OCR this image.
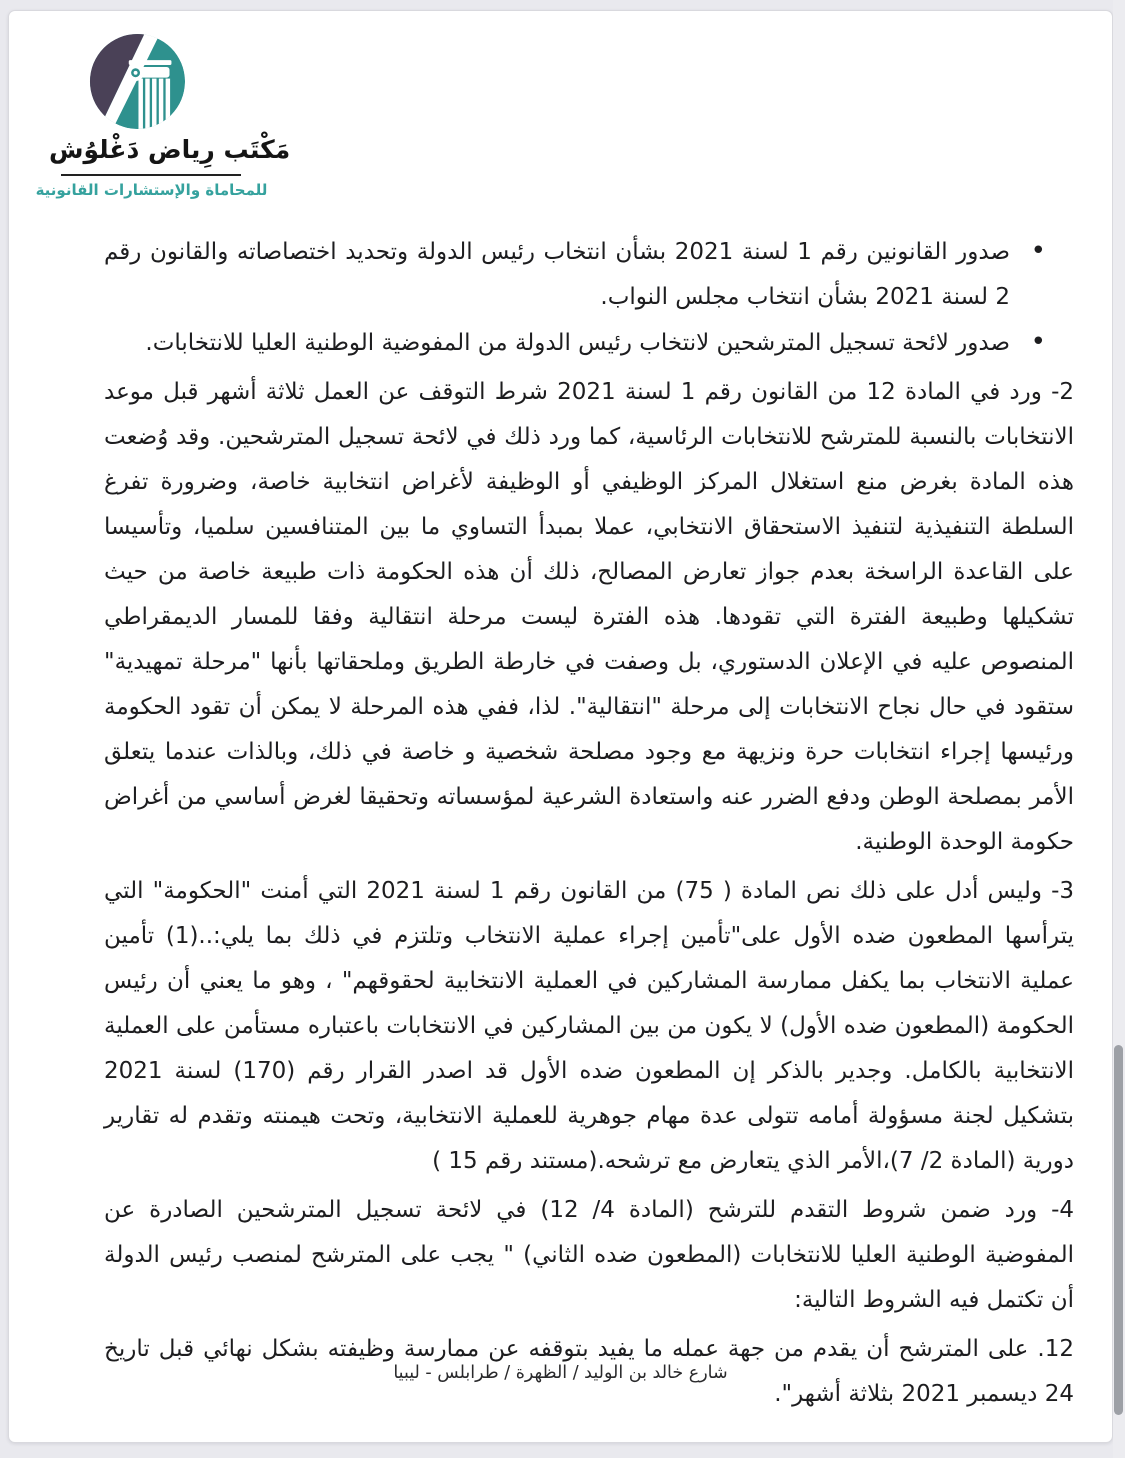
مَكْتَب رِياض دَغْلوُش
للمحاماة والإستشارات القانونية
• صدور القانونين رقم 1 لسنة 2021 بشأن انتخاب رئيس الدولة وتحديد اختصاصاته والقانون رقم 2 لسنة 2021 بشأن انتخاب مجلس النواب.
• صدور لائحة تسجيل المترشحين لانتخاب رئيس الدولة من المفوضية الوطنية العليا للانتخابات.

2- ورد في المادة 12 من القانون رقم 1 لسنة 2021 شرط التوقف عن العمل ثلاثة أشهر قبل موعد الانتخابات بالنسبة للمترشح للانتخابات الرئاسية، كما ورد ذلك في لائحة تسجيل المترشحين. وقد وُضعت هذه المادة بغرض منع استغلال المركز الوظيفي أو الوظيفة لأغراض انتخابية خاصة، وضرورة تفرغ السلطة التنفيذية لتنفيذ الاستحقاق الانتخابي، عملا بمبدأ التساوي ما بين المتنافسين سلميا، وتأسيسا على القاعدة الراسخة بعدم جواز تعارض المصالح، ذلك أن هذه الحكومة ذات طبيعة خاصة من حيث تشكيلها وطبيعة الفترة التي تقودها. هذه الفترة ليست مرحلة انتقالية وفقا للمسار الديمقراطي المنصوص عليه في الإعلان الدستوري، بل وصفت في خارطة الطريق وملحقاتها بأنها "مرحلة تمهيدية" ستقود في حال نجاح الانتخابات إلى مرحلة "انتقالية". لذا، ففي هذه المرحلة لا يمكن أن تقود الحكومة ورئيسها إجراء انتخابات حرة ونزيهة مع وجود مصلحة شخصية و خاصة في ذلك، وبالذات عندما يتعلق الأمر بمصلحة الوطن ودفع الضرر عنه واستعادة الشرعية لمؤسساته وتحقيقا لغرض أساسي من أغراض حكومة الوحدة الوطنية.

3- وليس أدل على ذلك نص المادة ( 75) من القانون رقم 1 لسنة 2021 التي أمنت "الحكومة" التي يترأسها المطعون ضده الأول على"تأمين إجراء عملية الانتخاب وتلتزم في ذلك بما يلي:..(1) تأمين عملية الانتخاب بما يكفل ممارسة المشاركين في العملية الانتخابية لحقوقهم" ، وهو ما يعني أن رئيس الحكومة (المطعون ضده الأول) لا يكون من بين المشاركين في الانتخابات باعتباره مستأمن على العملية الانتخابية بالكامل. وجدير بالذكر إن المطعون ضده الأول قد اصدر القرار رقم (170) لسنة 2021 بتشكيل لجنة مسؤولة أمامه تتولى عدة مهام جوهرية للعملية الانتخابية، وتحت هيمنته وتقدم له تقارير دورية (المادة 2/ 7)،الأمر الذي يتعارض مع ترشحه.(مستند رقم 15 )

4- ورد ضمن شروط التقدم للترشح (المادة 4/ 12) في لائحة تسجيل المترشحين الصادرة عن المفوضية الوطنية العليا للانتخابات (المطعون ضده الثاني) " يجب على المترشح لمنصب رئيس الدولة أن تكتمل فيه الشروط التالية:

12. على المترشح أن يقدم من جهة عمله ما يفيد بتوقفه عن ممارسة وظيفته بشكل نهائي قبل تاريخ 24 ديسمبر 2021 بثلاثة أشهر".

شارع خالد بن الوليد / الظهرة / طرابلس - ليبيا
